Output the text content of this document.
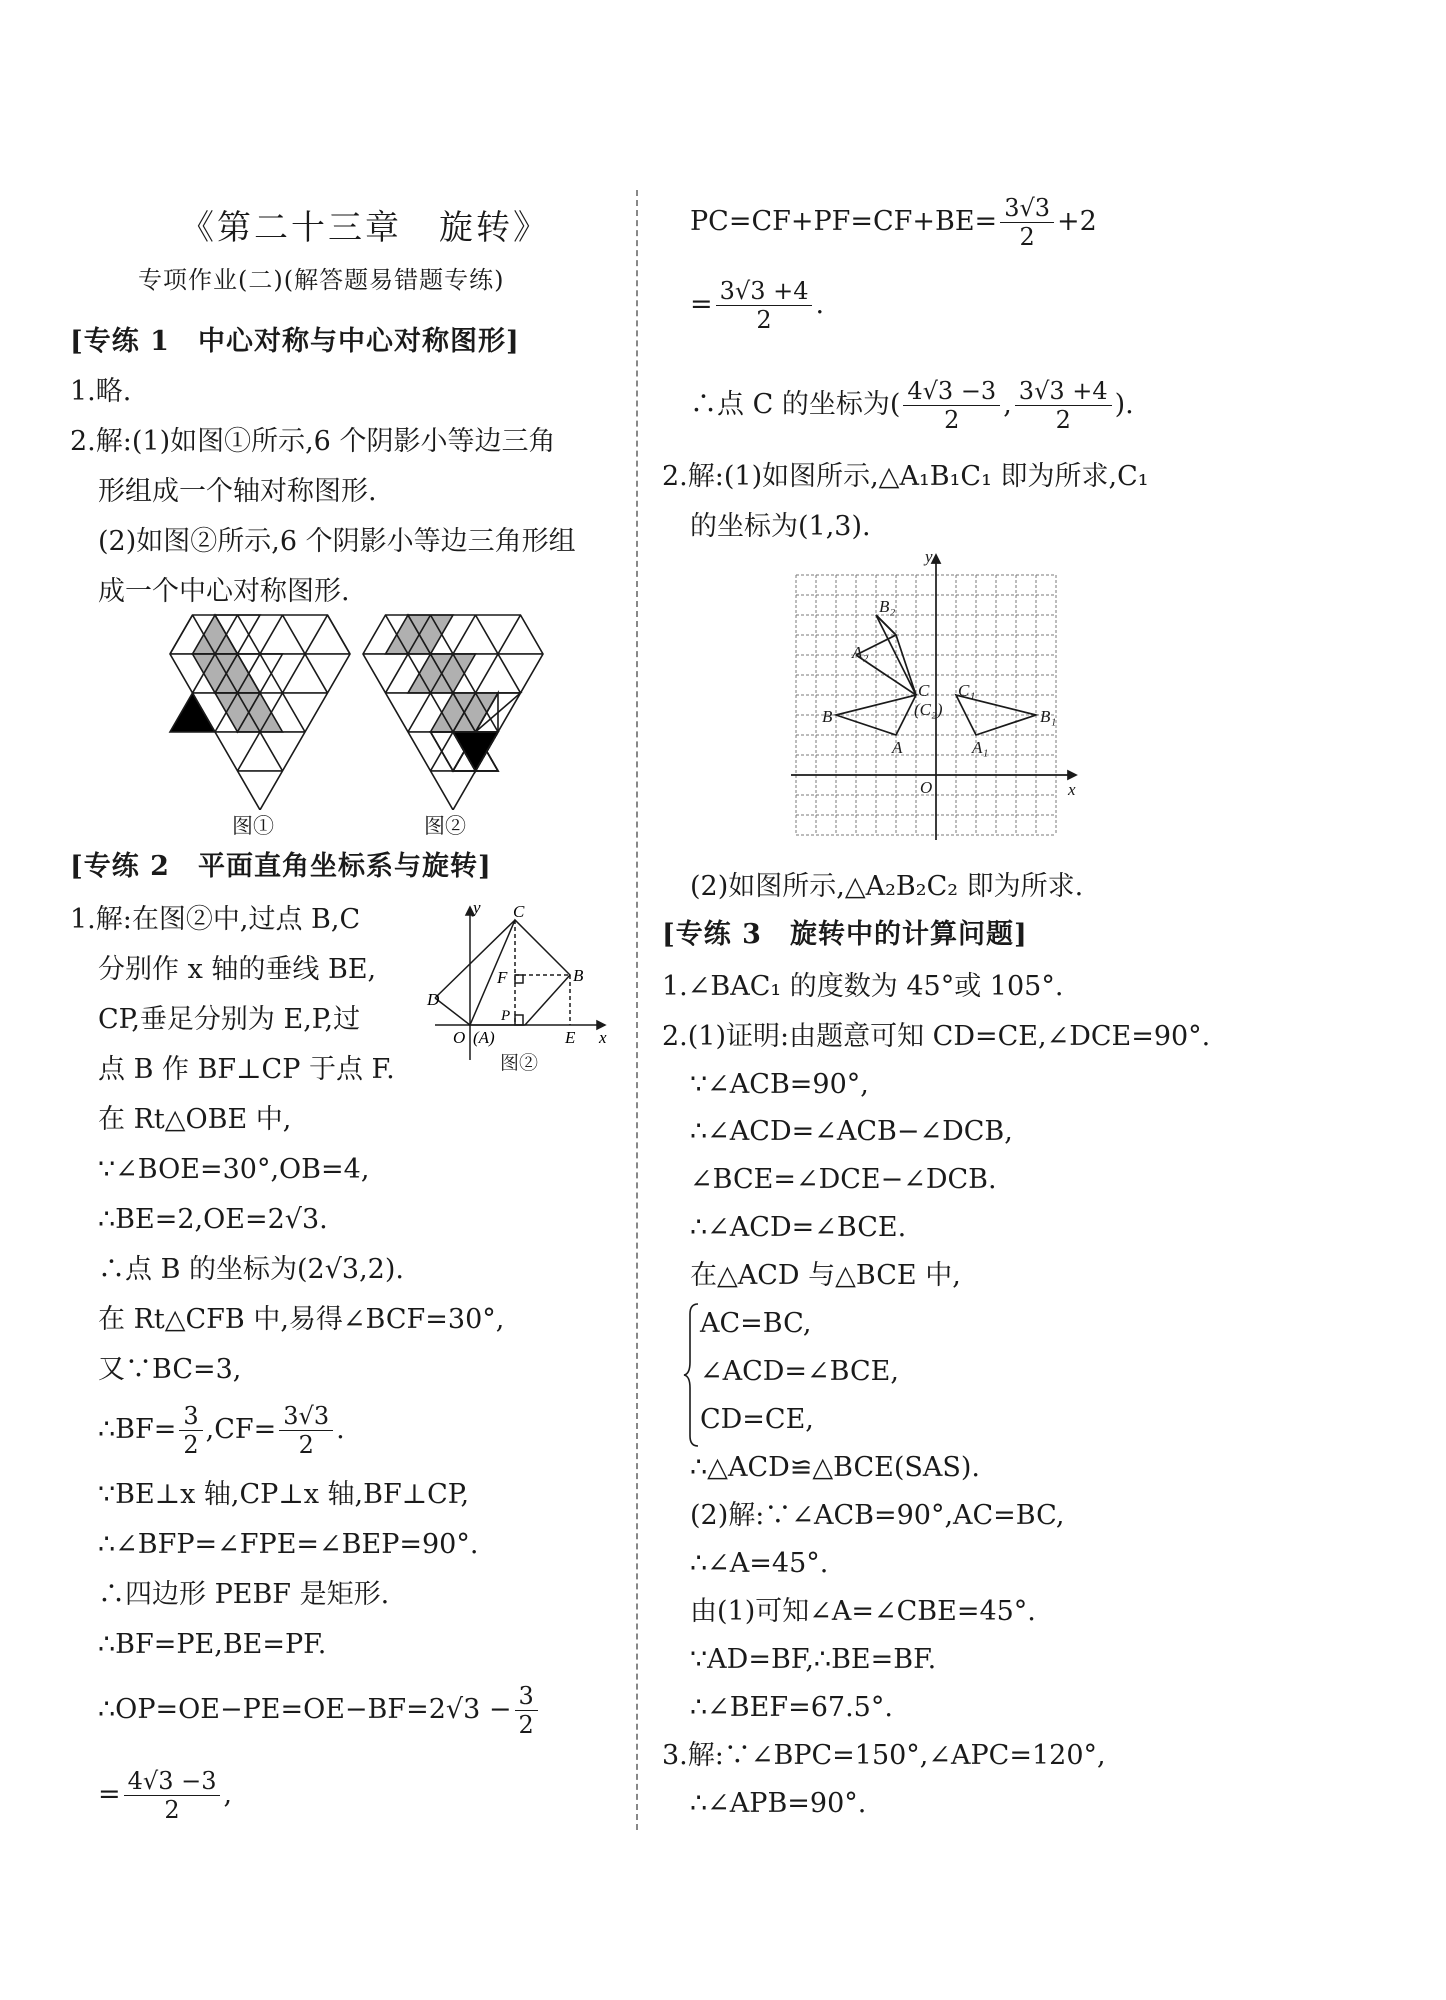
《第二十三章　旋转》
专项作业(二)(解答题易错题专练)
[专练 1　中心对称与中心对称图形]
1.略.
2.解:(1)如图①所示,6 个阴影小等边三角
形组成一个轴对称图形.
(2)如图②所示,6 个阴影小等边三角形组
成一个中心对称图形.
图①	图②
[专练 2　平面直角坐标系与旋转]
1.解:在图②中,过点 B,C
分别作 x 轴的垂线 BE,
CP,垂足分别为 E,P,过
点 B 作 BF⊥CP 于点 F.
y
x
C
D
F	B
O (A)
P
E
图②
在 Rt△OBE 中,
∵∠BOE=30°,OB=4,
∴BE=2,OE=2√3.
∴点 B 的坐标为(2√3,2).
在 Rt△CFB 中,易得∠BCF=30°,
又∵BC=3,
∴BF= $\frac{3}{2} ,CF= \frac{3√3}{2}$ .
∵BE⊥x 轴,CP⊥x 轴,BF⊥CP,
∴∠BFP=∠FPE=∠BEP=90°.
∴四边形 PEBF 是矩形.
∴BF=PE,BE=PF.
∴OP=OE−PE=OE−BF=2√3 − $\frac{3}{2}$
= $\frac{4√3 -3}{2}$ ,
$PC=CF+PF=CF+BE= \frac{3√3}{2} +2$
= $\frac{3√3 +4}{2}$ .
∴点 C 的坐标为( $\frac{4√3 -3}{2}$ , $\frac{3√3 +4}{2}$ ).
2.解:(1)如图所示,△A₁B₁C₁ 即为所求,C₁
的坐标为(1,3).
y
x
O
B₂
A₂
C
(C₂)
C₁
B	B₁
A	A₁
(2)如图所示,△A₂B₂C₂ 即为所求.
[专练 3　旋转中的计算问题]
1.∠BAC₁ 的度数为 45°或 105°.
2.(1)证明:由题意可知 CD=CE,∠DCE=90°.
∵∠ACB=90°,
∴∠ACD=∠ACB−∠DCB,
∠BCE=∠DCE−∠DCB.
∴∠ACD=∠BCE.
在△ACD 与△BCE 中,
AC=BC,
∠ACD=∠BCE,
CD=CE,
∴△ACD≌△BCE(SAS).
(2)解:∵∠ACB=90°,AC=BC,
∴∠A=45°.
由(1)可知∠A=∠CBE=45°.
∵AD=BF,∴BE=BF.
∴∠BEF=67.5°.
3.解:∵∠BPC=150°,∠APC=120°,
∴∠APB=90°.
